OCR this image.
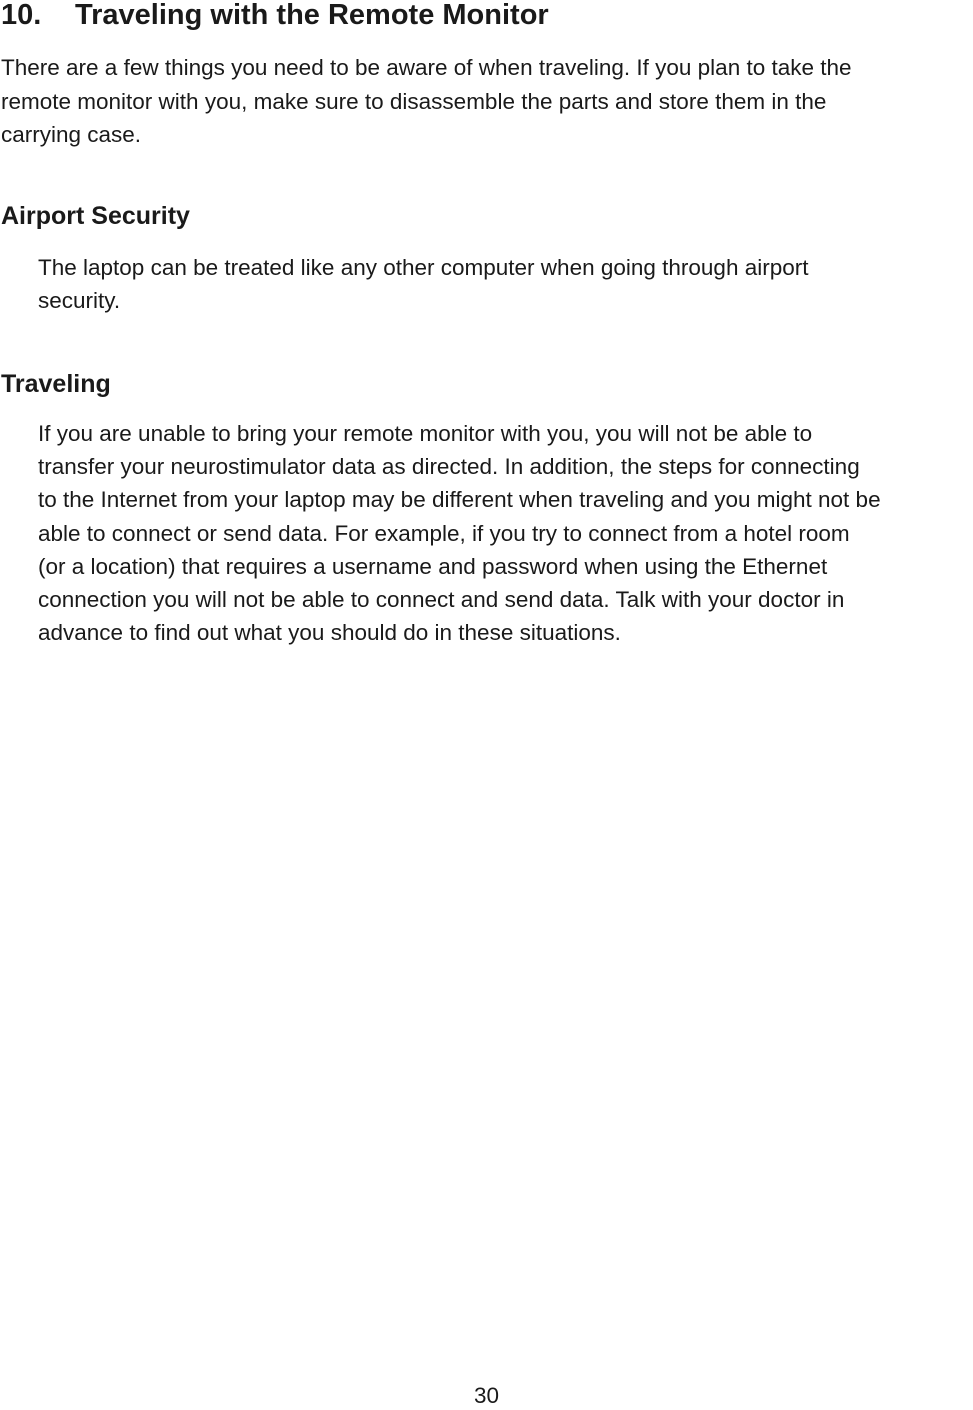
10. Traveling with the Remote Monitor

There are a few things you need to be aware of when traveling. If you plan to take the
remote monitor with you, make sure to disassemble the parts and store them in the
carrying case.

Airport Security

The laptop can be treated like any other computer when going through airport
security.

Traveling

If you are unable to bring your remote monitor with you, you will not be able to
transfer your neurostimulator data as directed. In addition, the steps for connecting
to the Internet from your laptop may be different when traveling and you might not be
able to connect or send data. For example, if you try to connect from a hotel room
(or a location) that requires a username and password when using the Ethernet
connection you will not be able to connect and send data. Talk with your doctor in
advance to find out what you should do in these situations.

30
